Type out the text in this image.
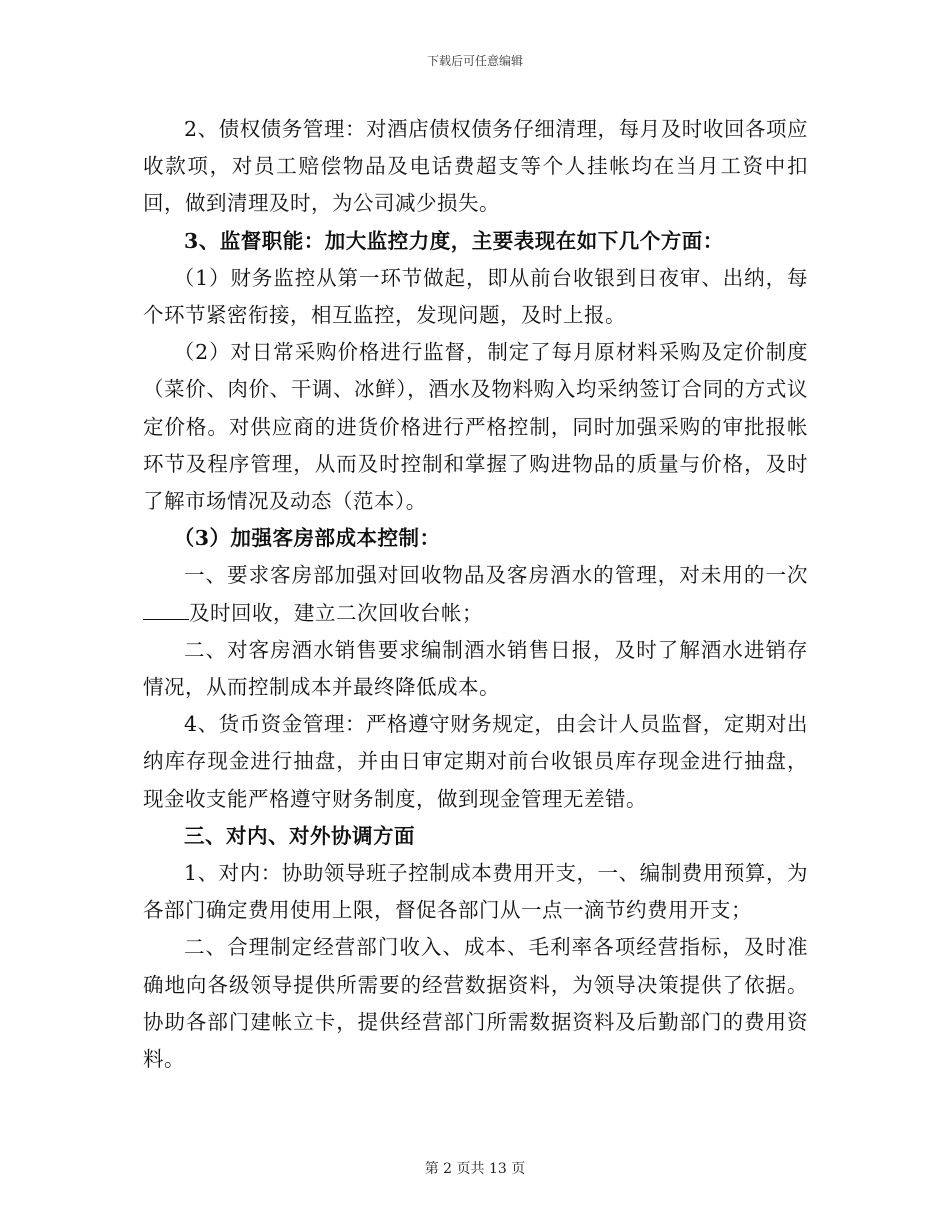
下载后可任意编辑

2、债权债务管理：对酒店债权债务仔细清理，每月及时收回各项应收款项，对员工赔偿物品及电话费超支等个人挂帐均在当月工资中扣回，做到清理及时，为公司减少损失。

3、监督职能：加大监控力度，主要表现在如下几个方面：

（1）财务监控从第一环节做起，即从前台收银到日夜审、出纳，每个环节紧密衔接，相互监控，发现问题，及时上报。

（2）对日常采购价格进行监督，制定了每月原材料采购及定价制度（菜价、肉价、干调、冰鲜），酒水及物料购入均采纳签订合同的方式议定价格。对供应商的进货价格进行严格控制，同时加强采购的审批报帐环节及程序管理，从而及时控制和掌握了购进物品的质量与价格，及时了解市场情况及动态（范本）。

（3）加强客房部成本控制：

一、要求客房部加强对回收物品及客房酒水的管理，对未用的一次及时回收，建立二次回收台帐；

二、对客房酒水销售要求编制酒水销售日报，及时了解酒水进销存情况，从而控制成本并最终降低成本。

4、货币资金管理：严格遵守财务规定，由会计人员监督，定期对出纳库存现金进行抽盘，并由日审定期对前台收银员库存现金进行抽盘，现金收支能严格遵守财务制度，做到现金管理无差错。

三、对内、对外协调方面

1、对内：协助领导班子控制成本费用开支，一、编制费用预算，为各部门确定费用使用上限，督促各部门从一点一滴节约费用开支；

二、合理制定经营部门收入、成本、毛利率各项经营指标，及时准确地向各级领导提供所需要的经营数据资料，为领导决策提供了依据。协助各部门建帐立卡，提供经营部门所需数据资料及后勤部门的费用资料。

第 2 页共 13 页
